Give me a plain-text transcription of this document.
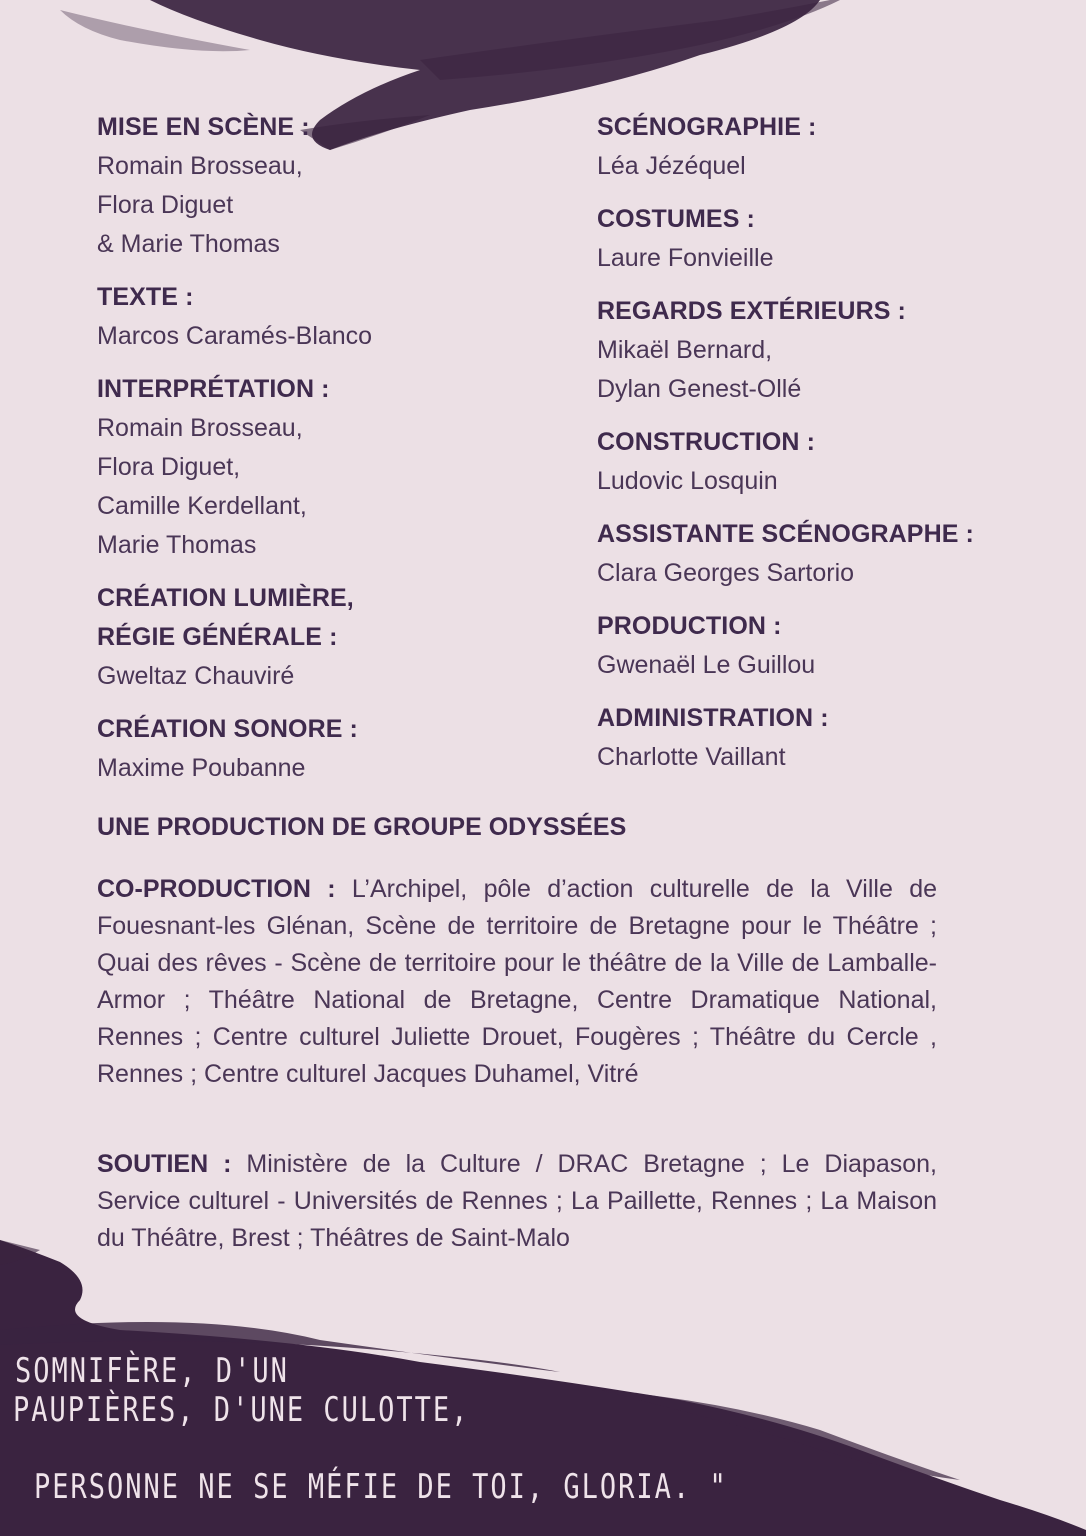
MISE EN SCÈNE :
Romain Brosseau,
Flora Diguet
& Marie Thomas
TEXTE :
Marcos Caramés-Blanco
INTERPRÉTATION :
Romain Brosseau,
Flora Diguet,
Camille Kerdellant,
Marie Thomas
CRÉATION LUMIÈRE,
RÉGIE GÉNÉRALE :
Gweltaz Chauviré
CRÉATION SONORE :
Maxime Poubanne
SCÉNOGRAPHIE :
Léa Jézéquel
COSTUMES :
Laure Fonvieille
REGARDS EXTÉRIEURS :
Mikaël Bernard,
Dylan Genest-Ollé
CONSTRUCTION :
Ludovic Losquin
ASSISTANTE SCÉNOGRAPHE :
Clara Georges Sartorio
PRODUCTION :
Gwenaël Le Guillou
ADMINISTRATION :
Charlotte Vaillant
UNE PRODUCTION DE GROUPE ODYSSÉES
CO-PRODUCTION : L’Archipel, pôle d’action culturelle de la Ville de Fouesnant-les Glénan, Scène de territoire de Bretagne pour le Théâtre ; Quai des rêves - Scène de territoire pour le théâtre de la Ville de Lamballe-Armor ; Théâtre National de Bretagne, Centre Dramatique National, Rennes ; Centre culturel Juliette Drouet, Fougères ; Théâtre du Cercle , Rennes ; Centre culturel Jacques Duhamel, Vitré
SOUTIEN : Ministère de la Culture / DRAC Bretagne ; Le Diapason, Service culturel - Universités de Rennes ; La Paillette, Rennes ; La Maison du Théâtre, Brest ; Théâtres de Saint-Malo
SOMNIFÈRE, D'UN
PAUPIÈRES, D'UNE CULOTTE,
PERSONNE NE SE MÉFIE DE TOI, GLORIA. "
